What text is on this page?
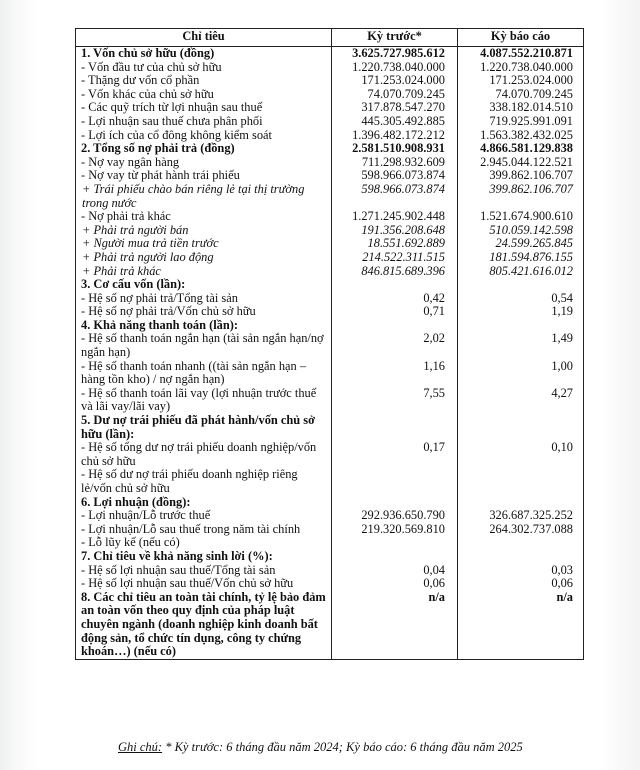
Chỉ tiêu	Kỳ trước*	Kỳ báo cáo
1. Vốn chủ sở hữu (đồng)	3.625.727.985.612	4.087.552.210.871
- Vốn đầu tư của chủ sở hữu	1.220.738.040.000	1.220.738.040.000
- Thặng dư vốn cổ phần	171.253.024.000	171.253.024.000
- Vốn khác của chủ sở hữu	74.070.709.245	74.070.709.245
- Các quỹ trích từ lợi nhuận sau thuế	317.878.547.270	338.182.014.510
- Lợi nhuận sau thuế chưa phân phối	445.305.492.885	719.925.991.091
- Lợi ích của cổ đông không kiểm soát	1.396.482.172.212	1.563.382.432.025
2. Tổng số nợ phải trả (đồng)	2.581.510.908.931	4.866.581.129.838
- Nợ vay ngân hàng	711.298.932.609	2.945.044.122.521
- Nợ vay từ phát hành trái phiếu	598.966.073.874	399.862.106.707
+ Trái phiếu chào bán riêng lẻ tại thị trường trong nước	598.966.073.874	399.862.106.707
- Nợ phải trả khác	1.271.245.902.448	1.521.674.900.610
+ Phải trả người bán	191.356.208.648	510.059.142.598
+ Người mua trả tiền trước	18.551.692.889	24.599.265.845
+ Phải trả người lao động	214.522.311.515	181.594.876.155
+ Phải trả khác	846.815.689.396	805.421.616.012
3. Cơ cấu vốn (lần):		
- Hệ số nợ phải trả/Tổng tài sản	0,42	0,54
- Hệ số nợ phải trả/Vốn chủ sở hữu	0,71	1,19
4. Khả năng thanh toán (lần):		
- Hệ số thanh toán ngắn hạn (tài sản ngắn hạn/nợ ngắn hạn)	2,02	1,49
- Hệ số thanh toán nhanh ((tài sản ngắn hạn – hàng tồn kho) / nợ ngắn hạn)	1,16	1,00
- Hệ số thanh toán lãi vay (lợi nhuận trước thuế và lãi vay/lãi vay)	7,55	4,27
5. Dư nợ trái phiếu đã phát hành/vốn chủ sở hữu (lần):		
- Hệ số tổng dư nợ trái phiếu doanh nghiệp/vốn chủ sở hữu	0,17	0,10
- Hệ số dư nợ trái phiếu doanh nghiệp riêng lẻ/vốn chủ sở hữu		
6. Lợi nhuận (đồng):		
- Lợi nhuận/Lỗ trước thuế	292.936.650.790	326.687.325.252
- Lợi nhuận/Lỗ sau thuế trong năm tài chính	219.320.569.810	264.302.737.088
- Lỗ lũy kế (nếu có)		
7. Chỉ tiêu về khả năng sinh lời (%):		
- Hệ số lợi nhuận sau thuế/Tổng tài sản	0,04	0,03
- Hệ số lợi nhuận sau thuế/Vốn chủ sở hữu	0,06	0,06
8. Các chỉ tiêu an toàn tài chính, tỷ lệ bảo đảm an toàn vốn theo quy định của pháp luật chuyên ngành (doanh nghiệp kinh doanh bất động sản, tổ chức tín dụng, công ty chứng khoán…) (nếu có)	n/a	n/a
Ghi chú: * Kỳ trước: 6 tháng đầu năm 2024; Kỳ báo cáo: 6 tháng đầu năm 2025
